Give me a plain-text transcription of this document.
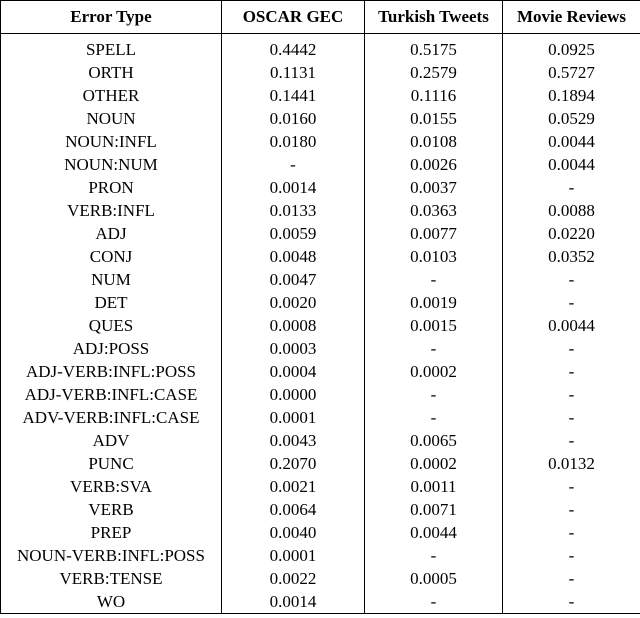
Error Type	OSCAR GEC	Turkish Tweets	Movie Reviews
SPELL	0.4442	0.5175	0.0925
ORTH	0.1131	0.2579	0.5727
OTHER	0.1441	0.1116	0.1894
NOUN	0.0160	0.0155	0.0529
NOUN:INFL	0.0180	0.0108	0.0044
NOUN:NUM	-	0.0026	0.0044
PRON	0.0014	0.0037	-
VERB:INFL	0.0133	0.0363	0.0088
ADJ	0.0059	0.0077	0.0220
CONJ	0.0048	0.0103	0.0352
NUM	0.0047	-	-
DET	0.0020	0.0019	-
QUES	0.0008	0.0015	0.0044
ADJ:POSS	0.0003	-	-
ADJ-VERB:INFL:POSS	0.0004	0.0002	-
ADJ-VERB:INFL:CASE	0.0000	-	-
ADV-VERB:INFL:CASE	0.0001	-	-
ADV	0.0043	0.0065	-
PUNC	0.2070	0.0002	0.0132
VERB:SVA	0.0021	0.0011	-
VERB	0.0064	0.0071	-
PREP	0.0040	0.0044	-
NOUN-VERB:INFL:POSS	0.0001	-	-
VERB:TENSE	0.0022	0.0005	-
WO	0.0014	-	-
